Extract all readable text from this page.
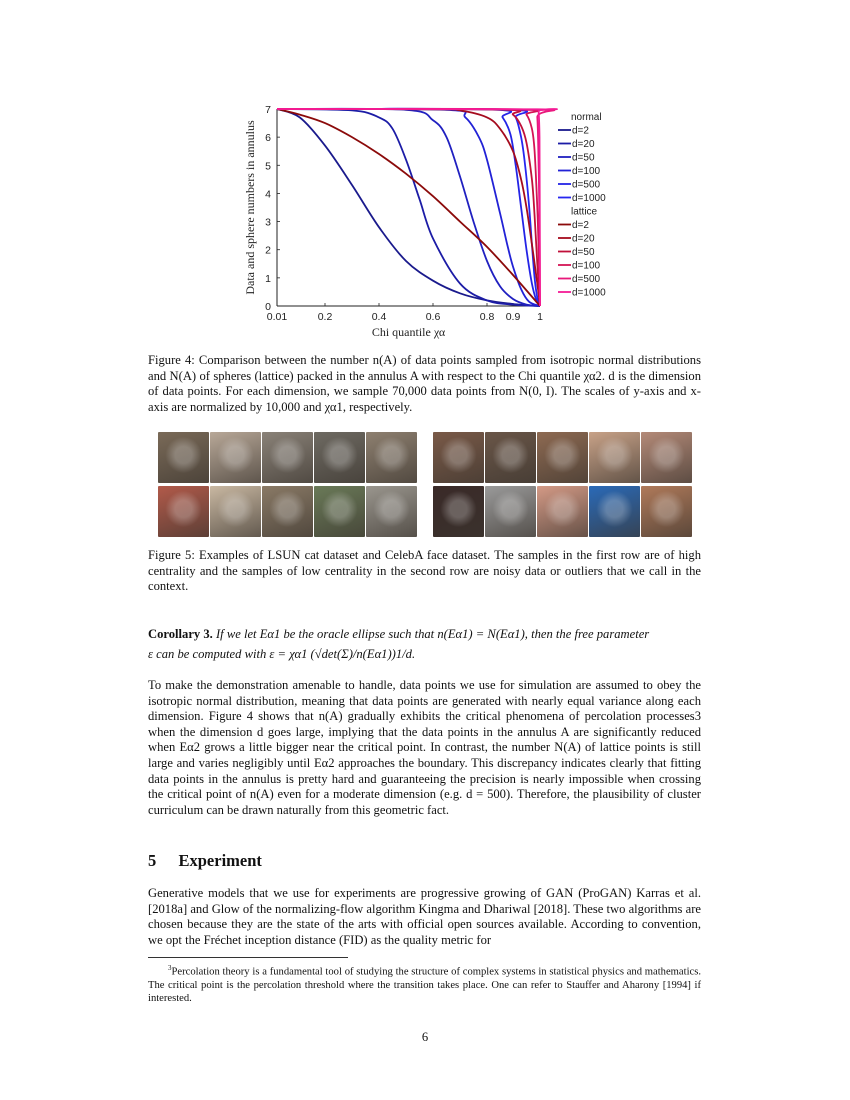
0
1
2
3
4
5
6
7
0.01	0.2	0.4	0.6	0.8 0.9 1
Chi quantile χα
Data and sphere numbers in annulus
normal
d=2
d=20
d=50
d=100
d=500
d=1000
lattice
d=2
d=20
d=50
d=100
d=500
d=1000
Figure 4: Comparison between the number n(A) of data points sampled from isotropic normal distributions and N(A) of spheres (lattice) packed in the annulus A with respect to the Chi quantile χα2. d is the dimension of data points. For each dimension, we sample 70,000 data points from N(0, I). The scales of y-axis and x-axis are normalized by 10,000 and χα1, respectively.
Figure 5: Examples of LSUN cat dataset and CelebA face dataset. The samples in the first row are of high centrality and the samples of low centrality in the second row are noisy data or outliers that we call in the context.
Corollary 3. If we let Eα1 be the oracle ellipse such that n(Eα1) = N(Eα1), then the free parameter
ε can be computed with ε = χα1 (√det(Σ)/n(Eα1))1/d.

To make the demonstration amenable to handle, data points we use for simulation are assumed to obey the isotropic normal distribution, meaning that data points are generated with nearly equal variance along each dimension. Figure 4 shows that n(A) gradually exhibits the critical phenomena of percolation processes3 when the dimension d goes large, implying that the data points in the annulus A are significantly reduced when Eα2 grows a little bigger near the critical point. In contrast, the number N(A) of lattice points is still large and varies negligibly until Eα2 approaches the boundary. This discrepancy indicates clearly that fitting data points in the annulus is pretty hard and guaranteeing the precision is nearly impossible when crossing the critical point of n(A) even for a moderate dimension (e.g. d = 500). Therefore, the plausibility of cluster curriculum can be drawn naturally from this geometric fact.

5 Experiment

Generative models that we use for experiments are progressive growing of GAN (ProGAN) Karras et al. [2018a] and Glow of the normalizing-flow algorithm Kingma and Dhariwal [2018]. These two algorithms are chosen because they are the state of the arts with official open sources available. According to convention, we opt the Fréchet inception distance (FID) as the quality metric for

$^3$Percolation theory is a fundamental tool of studying the structure of complex systems in statistical physics and mathematics. The critical point is the percolation threshold where the transition takes place. One can refer to Stauffer and Aharony [1994] if interested.
6
